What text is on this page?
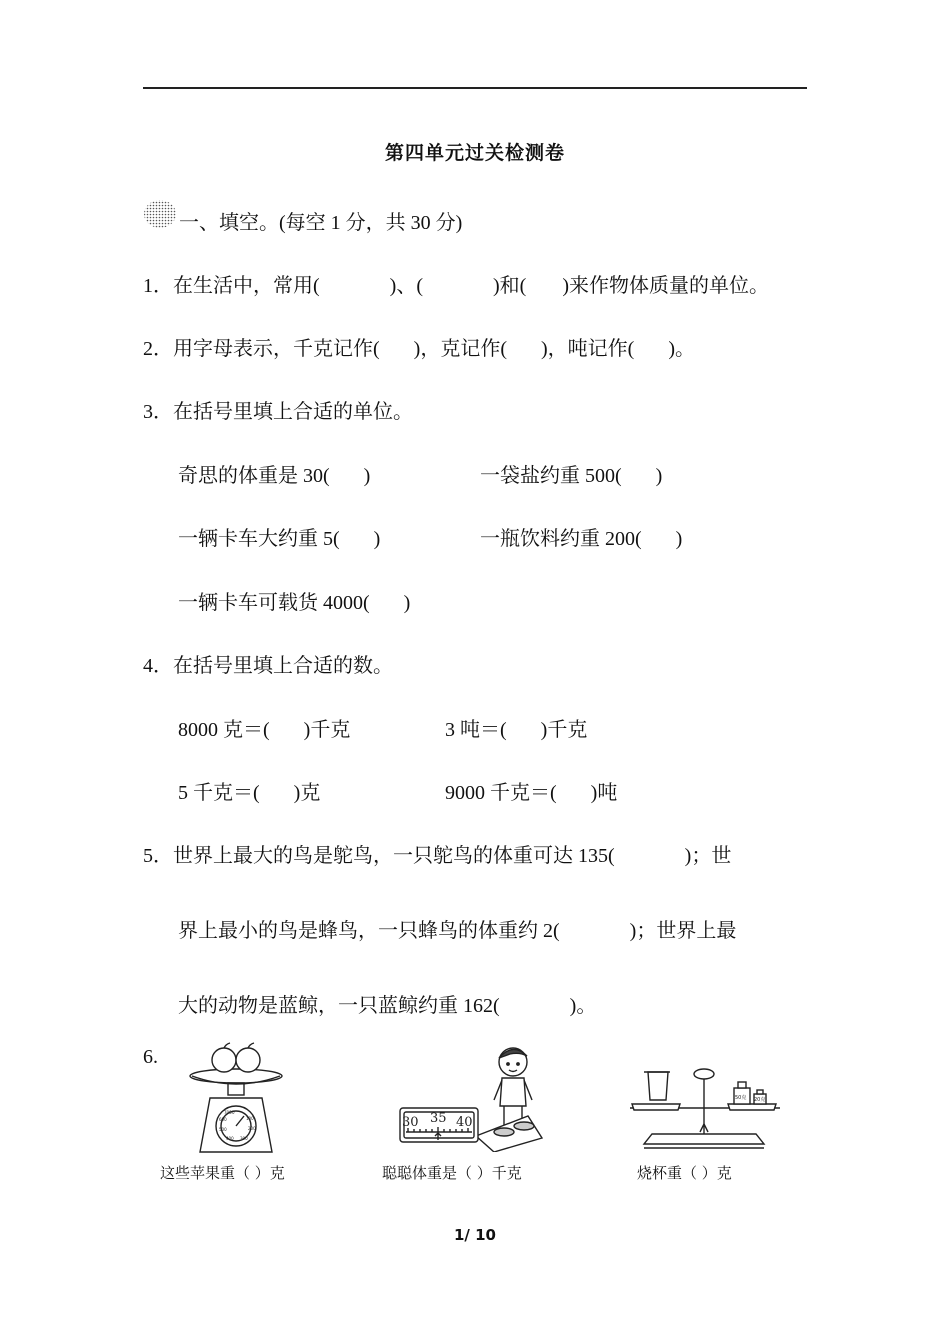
第四单元过关检测卷
一、填空。(每空 1 分，共 30 分)
1．在生活中，常用(	)、(	)和( )来作物体质量的单位。
2．用字母表示，千克记作( )，克记作( )，吨记作( )。
3．在括号里填上合适的单位。
奇思的体重是 30( )	一袋盐约重 500( )
一辆卡车大约重 5( )	一瓶饮料约重 200( )
一辆卡车可载货 4000( )
4．在括号里填上合适的数。
8000 克＝( )千克	3 吨＝( )千克
5 千克＝( )克	9000 千克＝( )吨
5．世界上最大的鸟是鸵鸟，一只鸵鸟的体重可达 135(	)；世
界上最小的鸟是蜂鸟，一只蜂鸟的体重约 2(	)；世界上最
大的动物是蓝鲸，一只蓝鲸约重 162(	)。
6.
0
100
200
300
400
500
600
700
这些苹果重（ ）克
30 35 40
聪聪体重是（ ）千克
50克 20克
烧杯重（ ）克
1/ 10
